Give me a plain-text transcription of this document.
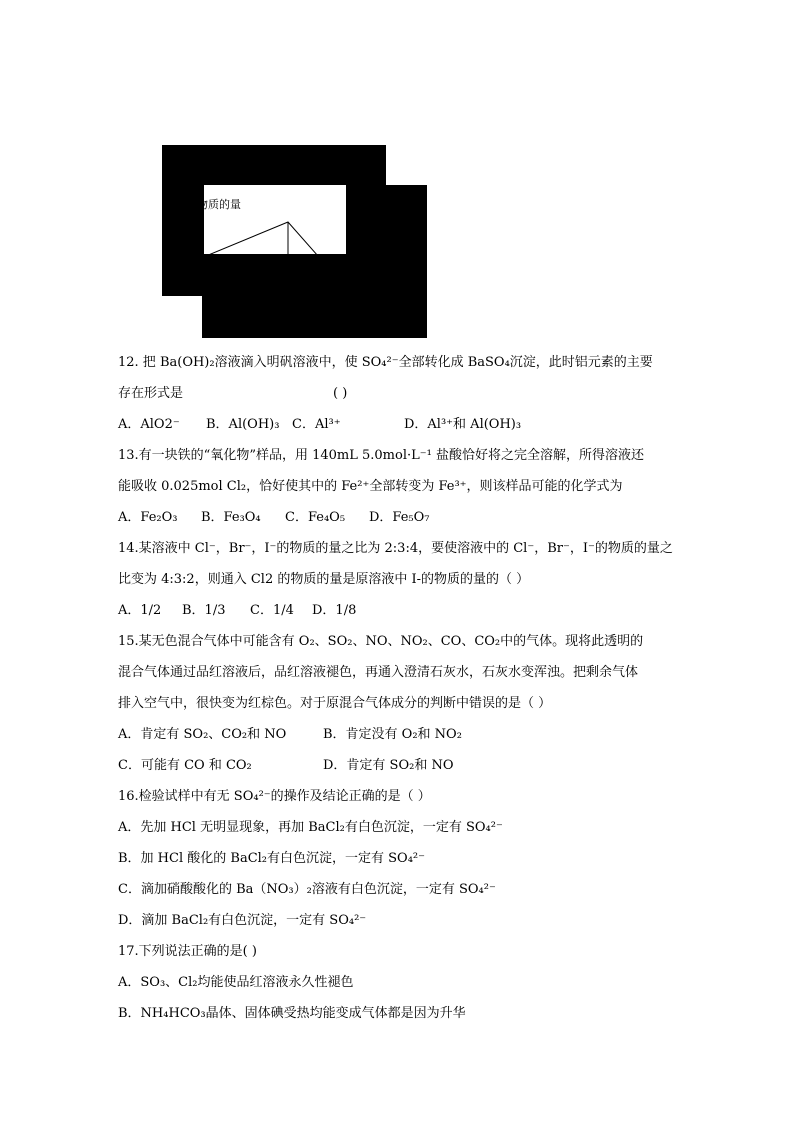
淀的物质的量
12. 把 Ba(OH)₂溶液滴入明矾溶液中，使 SO₄²⁻全部转化成 BaSO₄沉淀，此时铝元素的主要
存在形式是	( )
A．AlO2⁻ B．Al(OH)₃ C．Al³⁺	D．Al³⁺和 Al(OH)₃
13.有一块铁的“氧化物”样品，用 140mL 5.0mol·L⁻¹ 盐酸恰好将之完全溶解，所得溶液还
能吸收 0.025mol Cl₂，恰好使其中的 Fe²⁺全部转变为 Fe³⁺，则该样品可能的化学式为
A．Fe₂O₃ B．Fe₃O₄ C．Fe₄O₅ D．Fe₅O₇
14.某溶液中 Cl⁻，Br⁻，I⁻的物质的量之比为 2:3:4，要使溶液中的 Cl⁻，Br⁻，I⁻的物质的量之
比变为 4:3:2，则通入 Cl2 的物质的量是原溶液中 I-的物质的量的（ ）
A．1/2 B．1/3 C．1/4 D．1/8
15.某无色混合气体中可能含有 O₂、SO₂、NO、NO₂、CO、CO₂中的气体。现将此透明的
混合气体通过品红溶液后，品红溶液褪色，再通入澄清石灰水，石灰水变浑浊。把剩余气体
排入空气中，很快变为红棕色。对于原混合气体成分的判断中错误的是（ ）
A．肯定有 SO₂、CO₂和 NO	B．肯定没有 O₂和 NO₂
C．可能有 CO 和 CO₂	D．肯定有 SO₂和 NO
16.检验试样中有无 SO₄²⁻的操作及结论正确的是（ ）
A．先加 HCl 无明显现象，再加 BaCl₂有白色沉淀，一定有 SO₄²⁻
B．加 HCl 酸化的 BaCl₂有白色沉淀，一定有 SO₄²⁻
C．滴加硝酸酸化的 Ba（NO₃）₂溶液有白色沉淀，一定有 SO₄²⁻
D．滴加 BaCl₂有白色沉淀，一定有 SO₄²⁻
17.下列说法正确的是( )
A．SO₃、Cl₂均能使品红溶液永久性褪色
B．NH₄HCO₃晶体、固体碘受热均能变成气体都是因为升华
